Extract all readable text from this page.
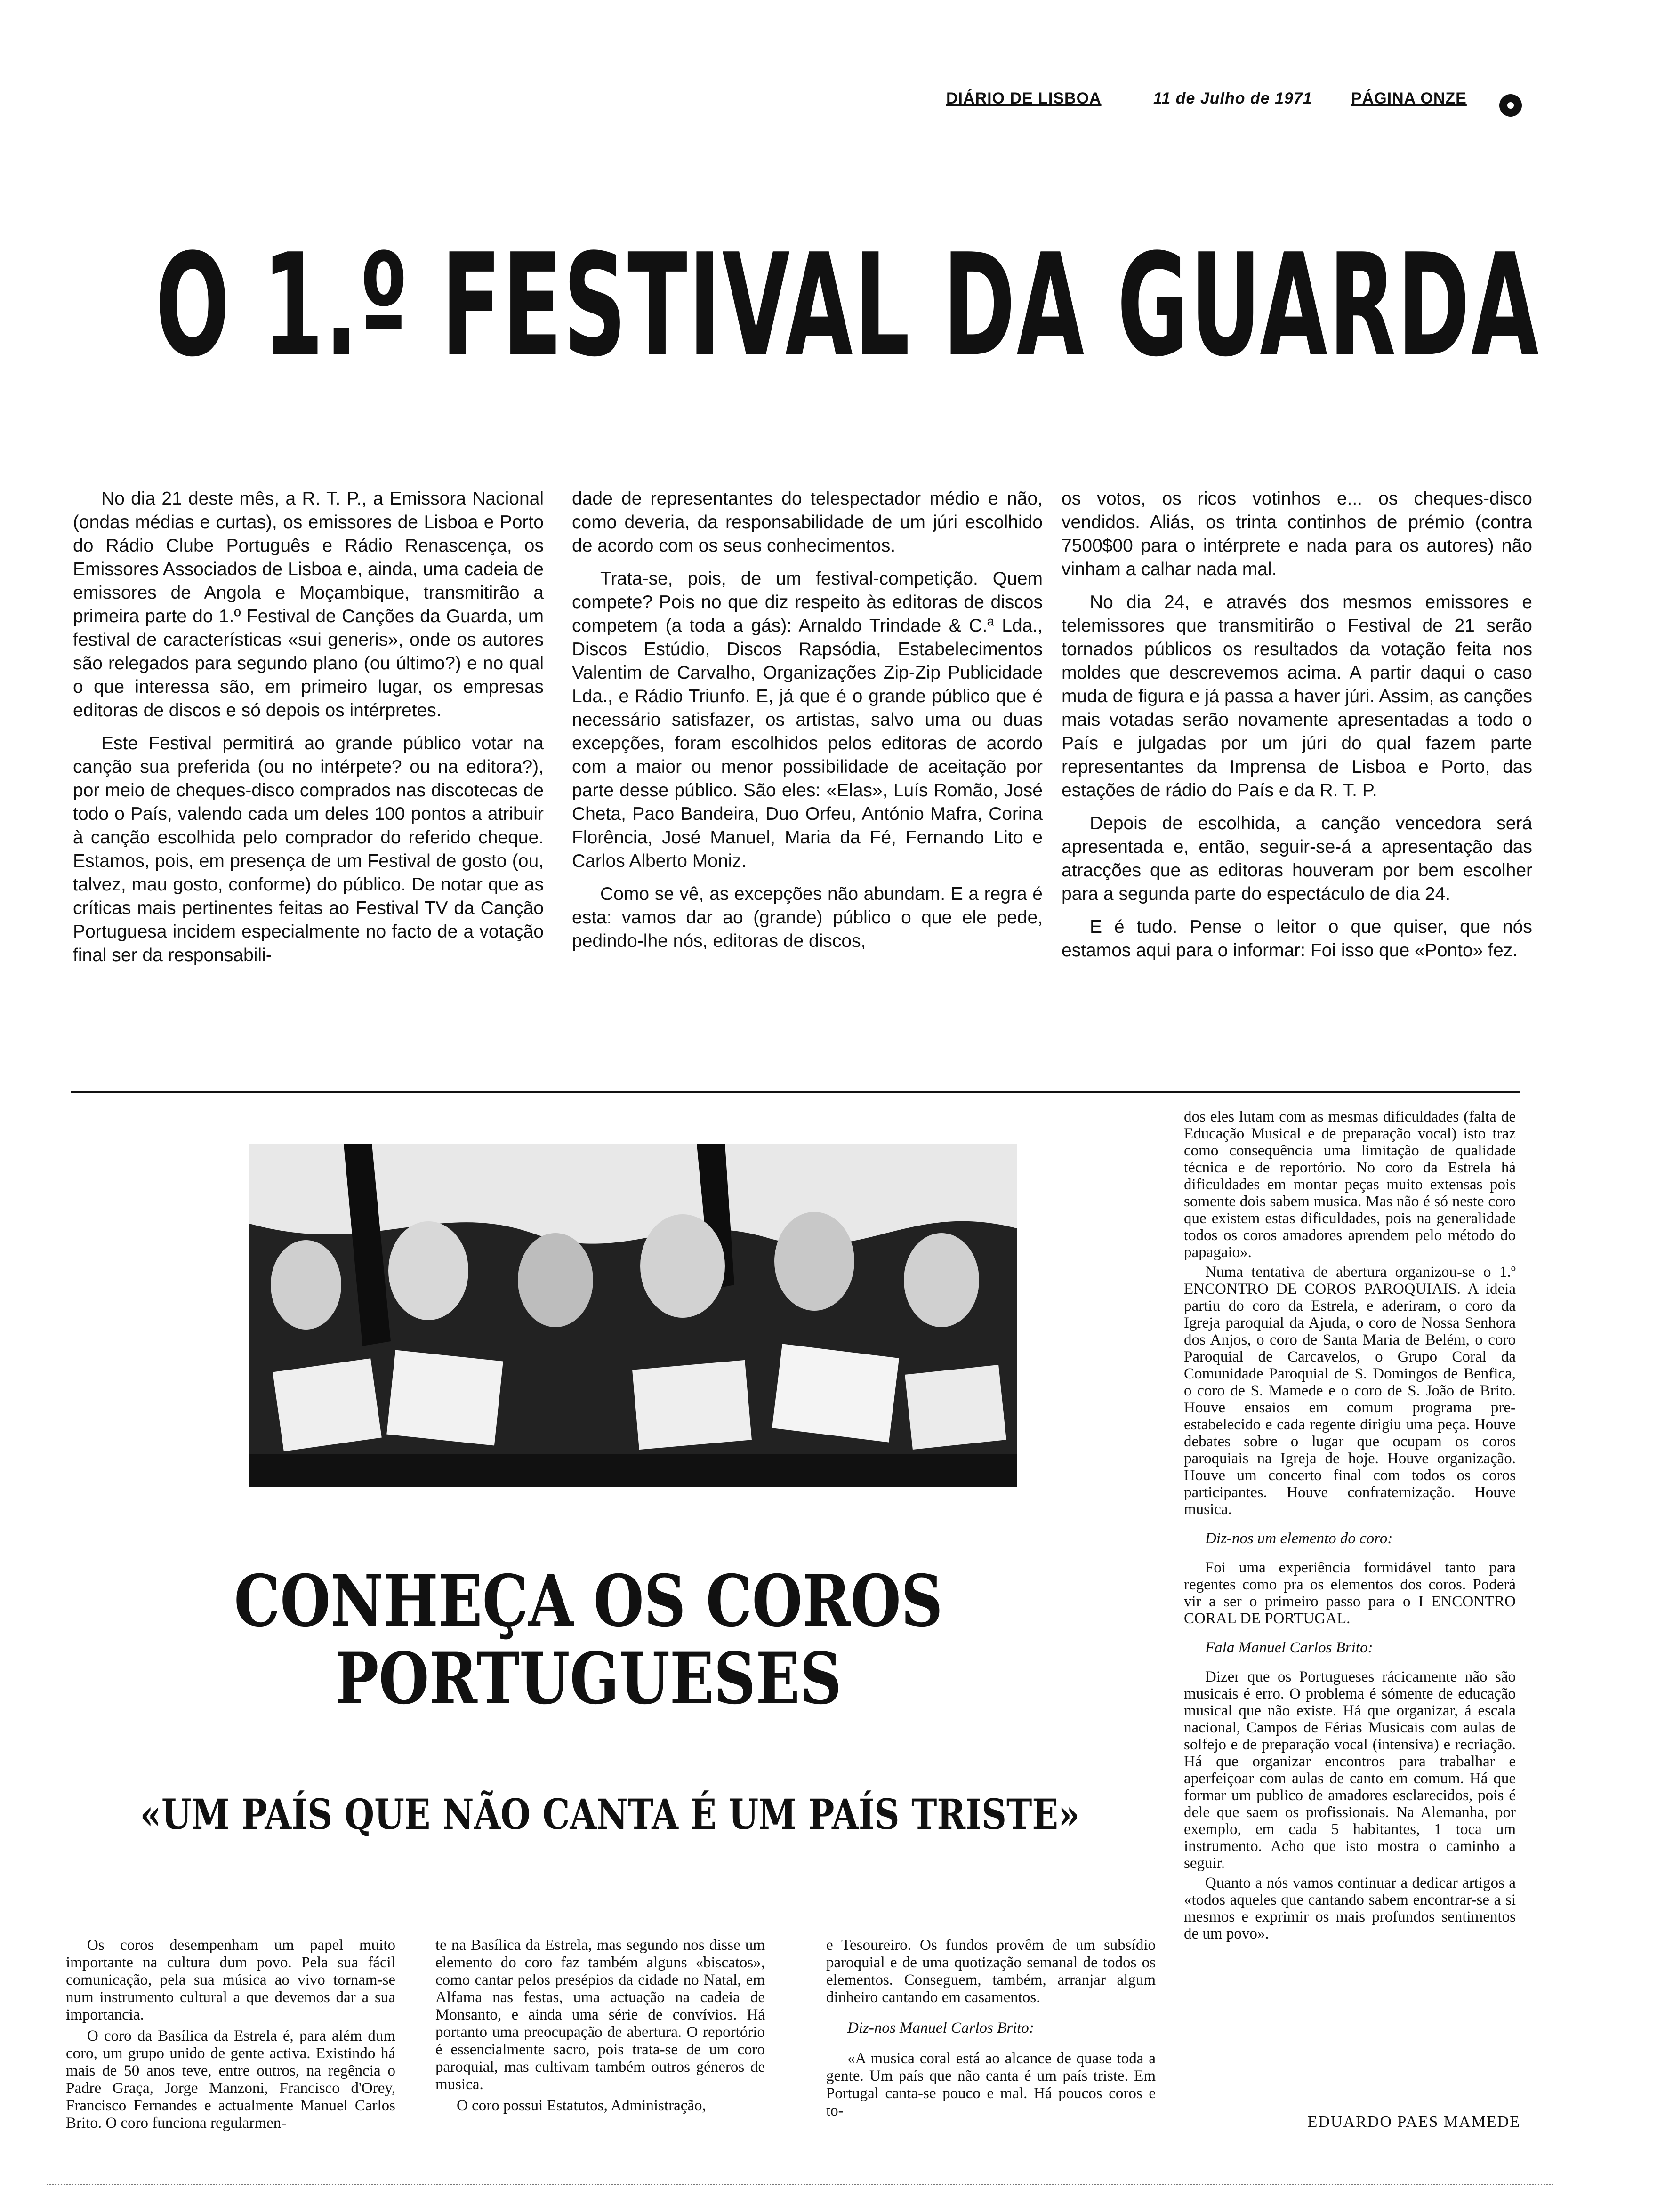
DIÁRIO DE LISBOA	11 de Julho de 1971 PÁGINA ONZE
O 1.º FESTIVAL DA GUARDA

No dia 21 deste mês, a R. T. P., a Emissora Nacional (ondas médias e curtas), os emissores de Lisboa e Porto do Rádio Clube Português e Rádio Renascença, os Emissores Associados de Lisboa e, ainda, uma cadeia de emissores de Angola e Moçambique, transmitirão a primeira parte do 1.º Festival de Canções da Guarda, um festival de características «sui generis», onde os autores são relegados para segundo plano (ou último?) e no qual o que interessa são, em primeiro lugar, os empresas editoras de discos e só depois os intérpretes.

Este Festival permitirá ao grande público votar na canção sua preferida (ou no intérpete? ou na editora?), por meio de cheques-disco comprados nas discotecas de todo o País, valendo cada um deles 100 pontos a atribuir à canção escolhida pelo comprador do referido cheque. Estamos, pois, em presença de um Festival de gosto (ou, talvez, mau gosto, conforme) do público. De notar que as críticas mais pertinentes feitas ao Festival TV da Canção Portuguesa incidem especialmente no facto de a votação final ser da responsabili-

dade de representantes do telespectador médio e não, como deveria, da responsabilidade de um júri escolhido de acordo com os seus conhecimentos.

Trata-se, pois, de um festival-competição. Quem compete? Pois no que diz respeito às editoras de discos competem (a toda a gás): Arnaldo Trindade & C.ª Lda., Discos Estúdio, Discos Rapsódia, Estabelecimentos Valentim de Carvalho, Organizações Zip-Zip Publicidade Lda., e Rádio Triunfo. E, já que é o grande público que é necessário satisfazer, os artistas, salvo uma ou duas excepções, foram escolhidos pelos editoras de acordo com a maior ou menor possibilidade de aceitação por parte desse público. São eles: «Elas», Luís Romão, José Cheta, Paco Bandeira, Duo Orfeu, António Mafra, Corina Florência, José Manuel, Maria da Fé, Fernando Lito e Carlos Alberto Moniz.

Como se vê, as excepções não abundam. E a regra é esta: vamos dar ao (grande) público o que ele pede, pedindo-lhe nós, editoras de discos,

os votos, os ricos votinhos e... os cheques-disco vendidos. Aliás, os trinta continhos de prémio (contra 7500$00 para o intérprete e nada para os autores) não vinham a calhar nada mal.

No dia 24, e através dos mesmos emissores e telemissores que transmitirão o Festival de 21 serão tornados públicos os resultados da votação feita nos moldes que descrevemos acima. A partir daqui o caso muda de figura e já passa a haver júri. Assim, as canções mais votadas serão novamente apresentadas a todo o País e julgadas por um júri do qual fazem parte representantes da Imprensa de Lisboa e Porto, das estações de rádio do País e da R. T. P.

Depois de escolhida, a canção vencedora será apresentada e, então, seguir-se-á a apresentação das atracções que as editoras houveram por bem escolher para a segunda parte do espectáculo de dia 24.

E é tudo. Pense o leitor o que quiser, que nós estamos aqui para o informar: Foi isso que «Ponto» fez.

CONHEÇA OS COROS PORTUGUESES
«UM PAÍS QUE NÃO CANTA É UM PAÍS TRISTE»

Os coros desempenham um papel muito importante na cultura dum povo. Pela sua fácil comunicação, pela sua música ao vivo tornam-se num instrumento cultural a que devemos dar a sua importancia.

O coro da Basílica da Estrela é, para além dum coro, um grupo unido de gente activa. Existindo há mais de 50 anos teve, entre outros, na regência o Padre Graça, Jorge Manzoni, Francisco d'Orey, Francisco Fernandes e actualmente Manuel Carlos Brito. O coro funciona regularmen-

te na Basílica da Estrela, mas segundo nos disse um elemento do coro faz também alguns «biscatos», como cantar pelos presépios da cidade no Natal, em Alfama nas festas, uma actuação na cadeia de Monsanto, e ainda uma série de convívios. Há portanto uma preocupação de abertura. O reportório é essencialmente sacro, pois trata-se de um coro paroquial, mas cultivam também outros géneros de musica.

O coro possui Estatutos, Administração,

e Tesoureiro. Os fundos provêm de um subsídio paroquial e de uma quotização semanal de todos os elementos. Conseguem, também, arranjar algum dinheiro cantando em casamentos.

Diz-nos Manuel Carlos Brito:

«A musica coral está ao alcance de quase toda a gente. Um país que não canta é um país triste. Em Portugal canta-se pouco e mal. Há poucos coros e to-

dos eles lutam com as mesmas dificuldades (falta de Educação Musical e de preparação vocal) isto traz como consequência uma limitação de qualidade técnica e de reportório. No coro da Estrela há dificuldades em montar peças muito extensas pois somente dois sabem musica. Mas não é só neste coro que existem estas dificuldades, pois na generalidade todos os coros amadores aprendem pelo método do papagaio».

Numa tentativa de abertura organizou-se o 1.º ENCONTRO DE COROS PAROQUIAIS. A ideia partiu do coro da Estrela, e aderiram, o coro da Igreja paroquial da Ajuda, o coro de Nossa Senhora dos Anjos, o coro de Santa Maria de Belém, o coro Paroquial de Carcavelos, o Grupo Coral da Comunidade Paroquial de S. Domingos de Benfica, o coro de S. Mamede e o coro de S. João de Brito. Houve ensaios em comum programa pre-estabelecido e cada regente dirigiu uma peça. Houve debates sobre o lugar que ocupam os coros paroquiais na Igreja de hoje. Houve organização. Houve um concerto final com todos os coros participantes. Houve confraternização. Houve musica.

Diz-nos um elemento do coro:

Foi uma experiência formidável tanto para regentes como pra os elementos dos coros. Poderá vir a ser o primeiro passo para o I ENCONTRO CORAL DE PORTUGAL.

Fala Manuel Carlos Brito:

Dizer que os Portugueses rácicamente não são musicais é erro. O problema é sómente de educação musical que não existe. Há que organizar, á escala nacional, Campos de Férias Musicais com aulas de solfejo e de preparação vocal (intensiva) e recriação. Há que organizar encontros para trabalhar e aperfeiçoar com aulas de canto em comum. Há que formar um publico de amadores esclarecidos, pois é dele que saem os profissionais. Na Alemanha, por exemplo, em cada 5 habitantes, 1 toca um instrumento. Acho que isto mostra o caminho a seguir.

Quanto a nós vamos continuar a dedicar artigos a «todos aqueles que cantando sabem encontrar-se a si mesmos e exprimir os mais profundos sentimentos de um povo».

EDUARDO PAES MAMEDE
